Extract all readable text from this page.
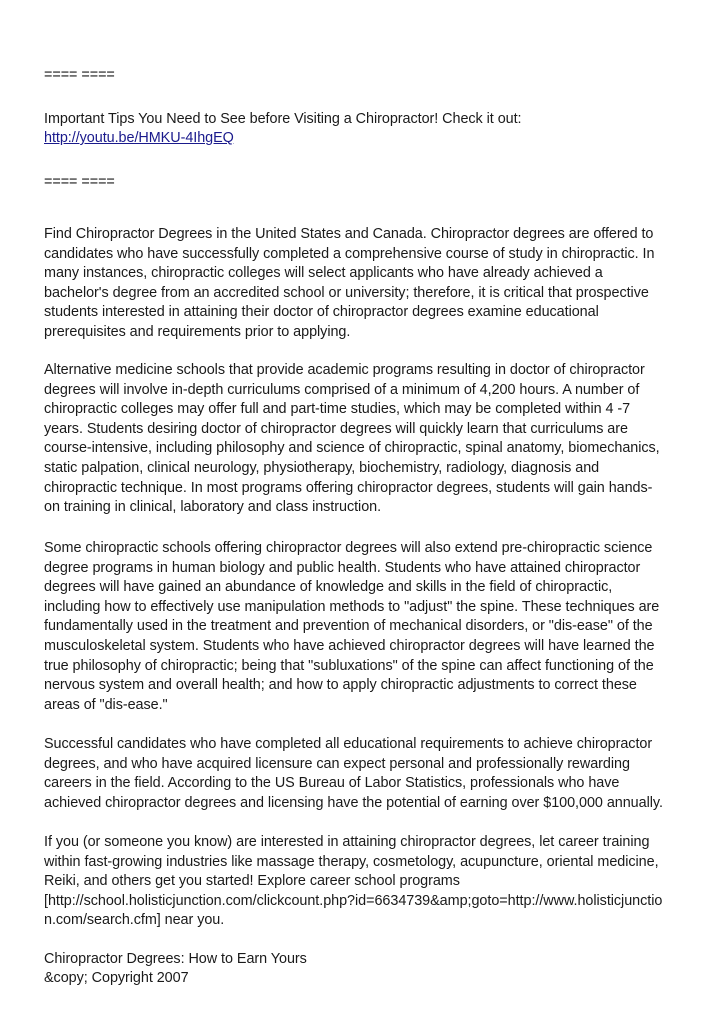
==== ====
Important Tips You Need to See before Visiting a Chiropractor! Check it out:
http://youtu.be/HMKU-4IhgEQ
==== ====
Find Chiropractor Degrees in the United States and Canada. Chiropractor degrees are offered to
candidates who have successfully completed a comprehensive course of study in chiropractic. In
many instances, chiropractic colleges will select applicants who have already achieved a
bachelor's degree from an accredited school or university; therefore, it is critical that prospective
students interested in attaining their doctor of chiropractor degrees examine educational
prerequisites and requirements prior to applying.
Alternative medicine schools that provide academic programs resulting in doctor of chiropractor
degrees will involve in-depth curriculums comprised of a minimum of 4,200 hours. A number of
chiropractic colleges may offer full and part-time studies, which may be completed within 4 -7
years. Students desiring doctor of chiropractor degrees will quickly learn that curriculums are
course-intensive, including philosophy and science of chiropractic, spinal anatomy, biomechanics,
static palpation, clinical neurology, physiotherapy, biochemistry, radiology, diagnosis and
chiropractic technique. In most programs offering chiropractor degrees, students will gain hands-
on training in clinical, laboratory and class instruction.
Some chiropractic schools offering chiropractor degrees will also extend pre-chiropractic science
degree programs in human biology and public health. Students who have attained chiropractor
degrees will have gained an abundance of knowledge and skills in the field of chiropractic,
including how to effectively use manipulation methods to "adjust" the spine. These techniques are
fundamentally used in the treatment and prevention of mechanical disorders, or "dis-ease" of the
musculoskeletal system. Students who have achieved chiropractor degrees will have learned the
true philosophy of chiropractic; being that "subluxations" of the spine can affect functioning of the
nervous system and overall health; and how to apply chiropractic adjustments to correct these
areas of "dis-ease."
Successful candidates who have completed all educational requirements to achieve chiropractor
degrees, and who have acquired licensure can expect personal and professionally rewarding
careers in the field. According to the US Bureau of Labor Statistics, professionals who have
achieved chiropractor degrees and licensing have the potential of earning over $100,000 annually.
If you (or someone you know) are interested in attaining chiropractor degrees, let career training
within fast-growing industries like massage therapy, cosmetology, acupuncture, oriental medicine,
Reiki, and others get you started! Explore career school programs
[http://school.holisticjunction.com/clickcount.php?id=6634739&amp;goto=http://www.holisticjunctio
n.com/search.cfm] near you.
Chiropractor Degrees: How to Earn Yours
&copy; Copyright 2007
